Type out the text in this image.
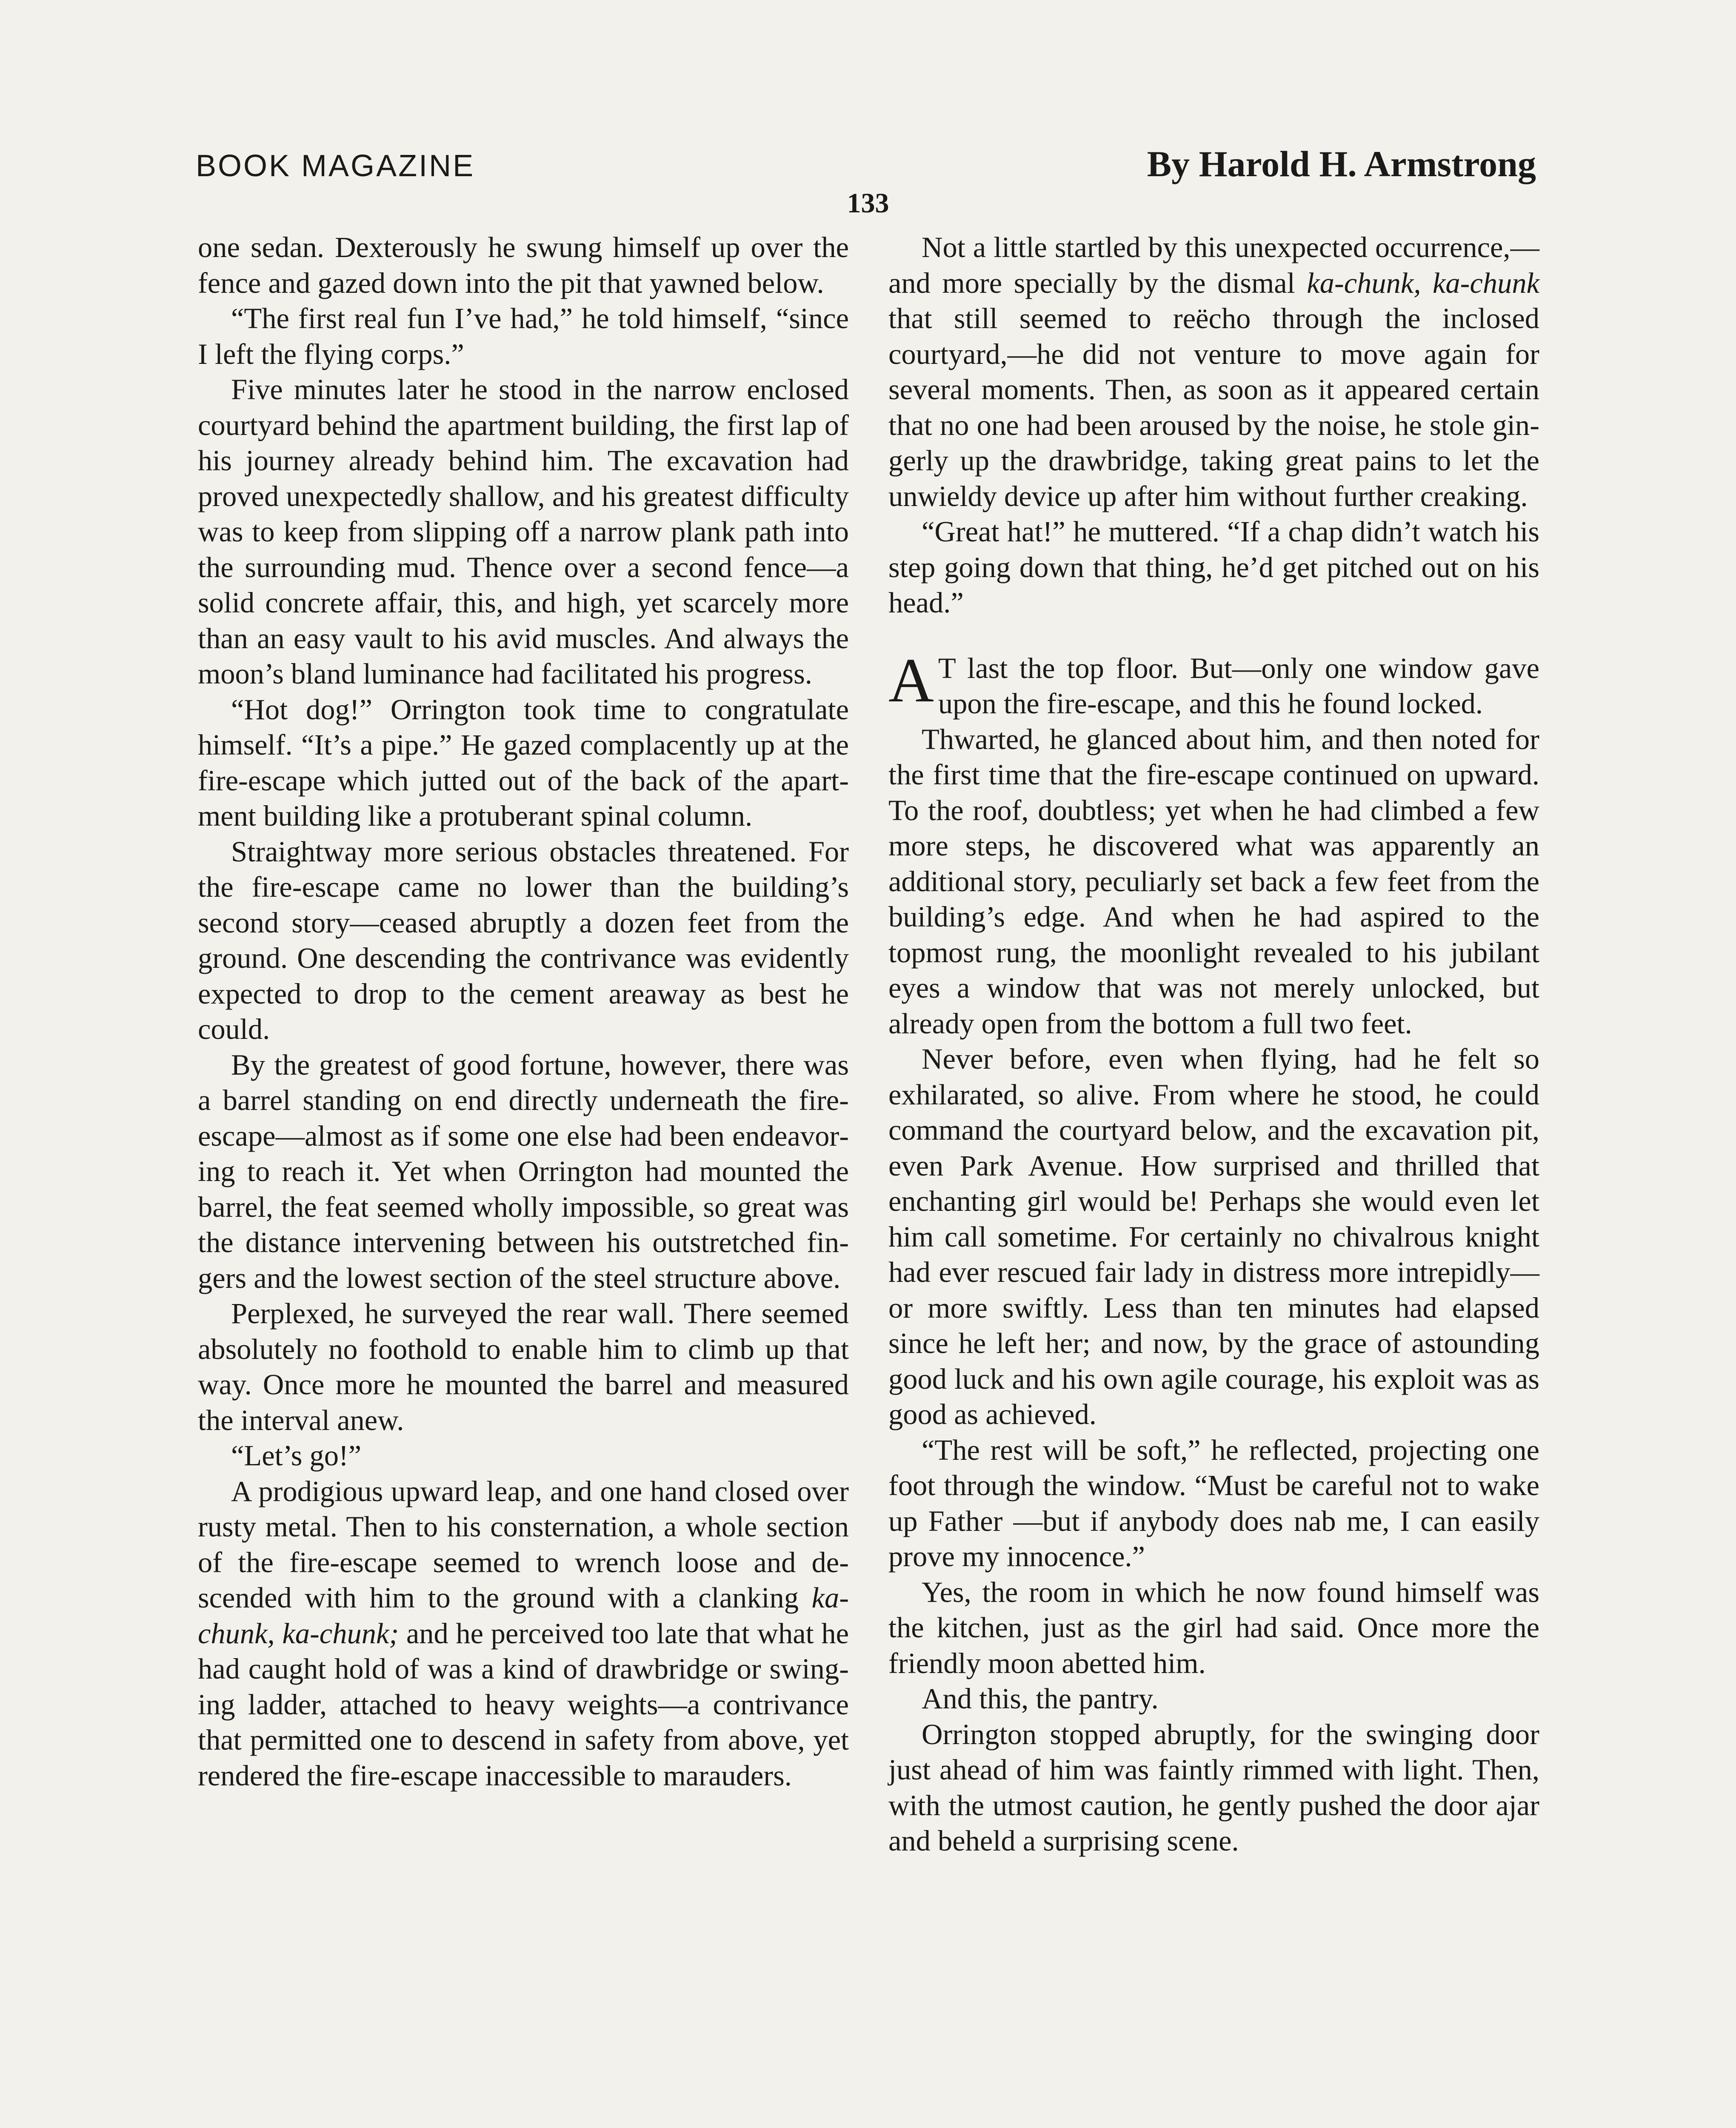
BOOK MAGAZINE	By Harold H. Armstrong
133

one sedan. Dexterously he swung himself up over the fence and gazed down into the pit that yawned below.

“The first real fun I’ve had,” he told himself, “since I left the flying corps.”

Five minutes later he stood in the narrow enclosed courtyard behind the apartment building, the first lap of his journey already behind him. The excavation had proved unexpectedly shallow, and his greatest difficulty was to keep from slipping off a narrow plank path into the surrounding mud. Thence over a second fence—a solid concrete affair, this, and high, yet scarcely more than an easy vault to his avid muscles. And always the moon’s bland luminance had facilitated his progress.

“Hot dog!” Orrington took time to congratulate himself. “It’s a pipe.” He gazed complacently up at the fire-escape which jutted out of the back of the apartment building like a protuberant spinal column.

Straightway more serious obstacles threatened. For the fire-escape came no lower than the building’s second story—ceased abruptly a dozen feet from the ground. One descending the contrivance was evidently expected to drop to the cement areaway as best he could.

By the greatest of good fortune, however, there was a barrel standing on end directly underneath the fire-escape—almost as if some one else had been endeavoring to reach it. Yet when Orrington had mounted the barrel, the feat seemed wholly impossible, so great was the distance intervening between his outstretched fingers and the lowest section of the steel structure above.

Perplexed, he surveyed the rear wall. There seemed absolutely no foothold to enable him to climb up that way. Once more he mounted the barrel and measured the interval anew.

“Let’s go!”

A prodigious upward leap, and one hand closed over rusty metal. Then to his consternation, a whole section of the fire-escape seemed to wrench loose and descended with him to the ground with a clanking ka-chunk, ka-chunk; and he perceived too late that what he had caught hold of was a kind of drawbridge or swinging ladder, attached to heavy weights—a contrivance that permitted one to descend in safety from above, yet rendered the fire-escape inaccessible to marauders.

Not a little startled by this unexpected occurrence,—and more specially by the dismal ka-chunk, ka-chunk that still seemed to reëcho through the inclosed courtyard,—he did not venture to move again for several moments. Then, as soon as it appeared certain that no one had been aroused by the noise, he stole gingerly up the drawbridge, taking great pains to let the unwieldy device up after him without further creaking.

“Great hat!” he muttered. “If a chap didn’t watch his step going down that thing, he’d get pitched out on his head.”

A T last the top floor. But—only one window gave upon the fire-escape, and this he found locked.

Thwarted, he glanced about him, and then noted for the first time that the fire-escape continued on upward. To the roof, doubtless; yet when he had climbed a few more steps, he discovered what was apparently an additional story, peculiarly set back a few feet from the building’s edge. And when he had aspired to the topmost rung, the moonlight revealed to his jubilant eyes a window that was not merely unlocked, but already open from the bottom a full two feet.

Never before, even when flying, had he felt so exhilarated, so alive. From where he stood, he could command the courtyard below, and the excavation pit, even Park Avenue. How surprised and thrilled that enchanting girl would be! Perhaps she would even let him call sometime. For certainly no chivalrous knight had ever rescued fair lady in distress more intrepidly—or more swiftly. Less than ten minutes had elapsed since he left her; and now, by the grace of astounding good luck and his own agile courage, his exploit was as good as achieved.

“The rest will be soft,” he reflected, projecting one foot through the window. “Must be careful not to wake up Father —but if anybody does nab me, I can easily prove my innocence.”

Yes, the room in which he now found himself was the kitchen, just as the girl had said. Once more the friendly moon abetted him.

And this, the pantry.

Orrington stopped abruptly, for the swinging door just ahead of him was faintly rimmed with light. Then, with the utmost caution, he gently pushed the door ajar and beheld a surprising scene.
